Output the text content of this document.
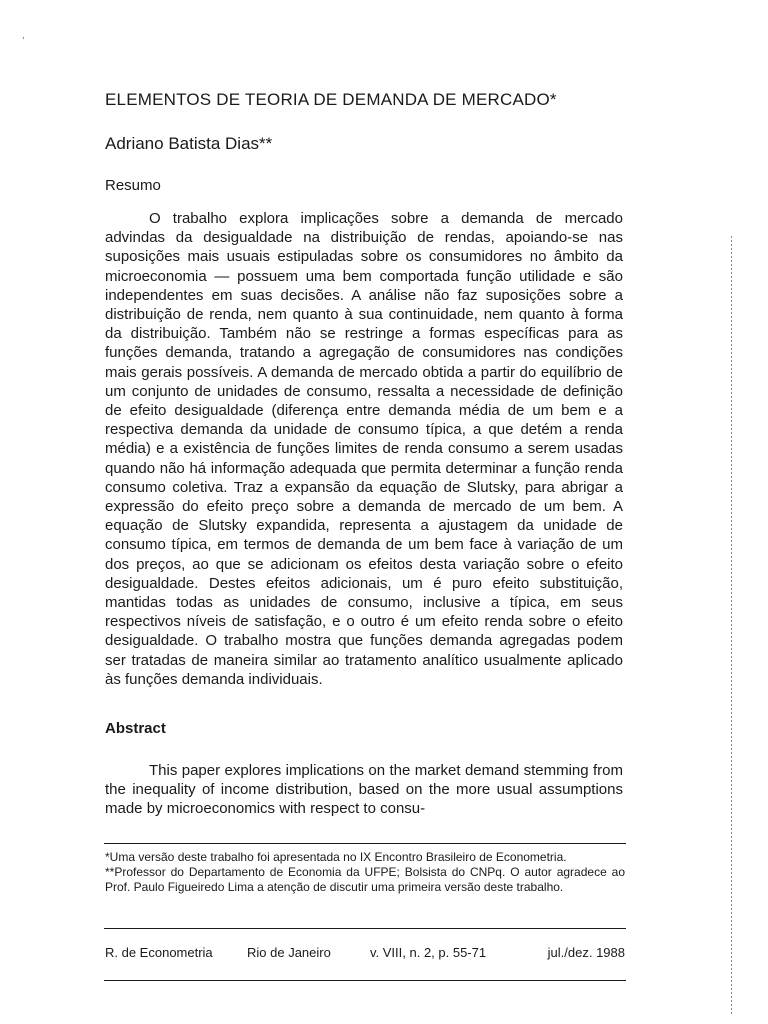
,
ELEMENTOS DE TEORIA DE DEMANDA DE MERCADO*
Adriano Batista Dias**
Resumo

O trabalho explora implicações sobre a demanda de mercado advindas da desigualdade na distribuição de rendas, apoiando-se nas suposições mais usuais estipuladas sobre os consumidores no âmbito da microeconomia — possuem uma bem comportada função utilidade e são independentes em suas decisões. A análise não faz suposições sobre a distribuição de renda, nem quanto à sua continuidade, nem quanto à forma da distribuição. Também não se restringe a formas específicas para as funções demanda, tratando a agregação de consumidores nas condições mais gerais possíveis. A demanda de mercado obtida a partir do equilíbrio de um conjunto de unidades de consumo, ressalta a necessidade de definição de efeito desigualdade (diferença entre demanda média de um bem e a respectiva demanda da unidade de consumo típica, a que detém a renda média) e a existência de funções limites de renda consumo a serem usadas quando não há informação adequada que permita determinar a função renda consumo coletiva. Traz a expansão da equação de Slutsky, para abrigar a expressão do efeito preço sobre a demanda de mercado de um bem. A equação de Slutsky expandida, representa a ajustagem da unidade de consumo típica, em termos de demanda de um bem face à variação de um dos preços, ao que se adicionam os efeitos desta variação sobre o efeito desigualdade. Destes efeitos adicionais, um é puro efeito substituição, mantidas todas as unidades de consumo, inclusive a típica, em seus respectivos níveis de satisfação, e o outro é um efeito renda sobre o efeito desigualdade. O trabalho mostra que funções demanda agregadas podem ser tratadas de maneira similar ao tratamento analítico usualmente aplicado às funções demanda individuais.

Abstract

This paper explores implications on the market demand stemming from the inequality of income distribution, based on the more usual assumptions made by microeconomics with respect to consu-

*Uma versão deste trabalho foi apresentada no IX Encontro Brasileiro de Econometria.

**Professor do Departamento de Economia da UFPE; Bolsista do CNPq. O autor agradece ao Prof. Paulo Figueiredo Lima a atenção de discutir uma primeira versão deste trabalho.

R. de Econometria	Rio de Janeiro	v. VIII, n. 2, p. 55-71	jul./dez. 1988
